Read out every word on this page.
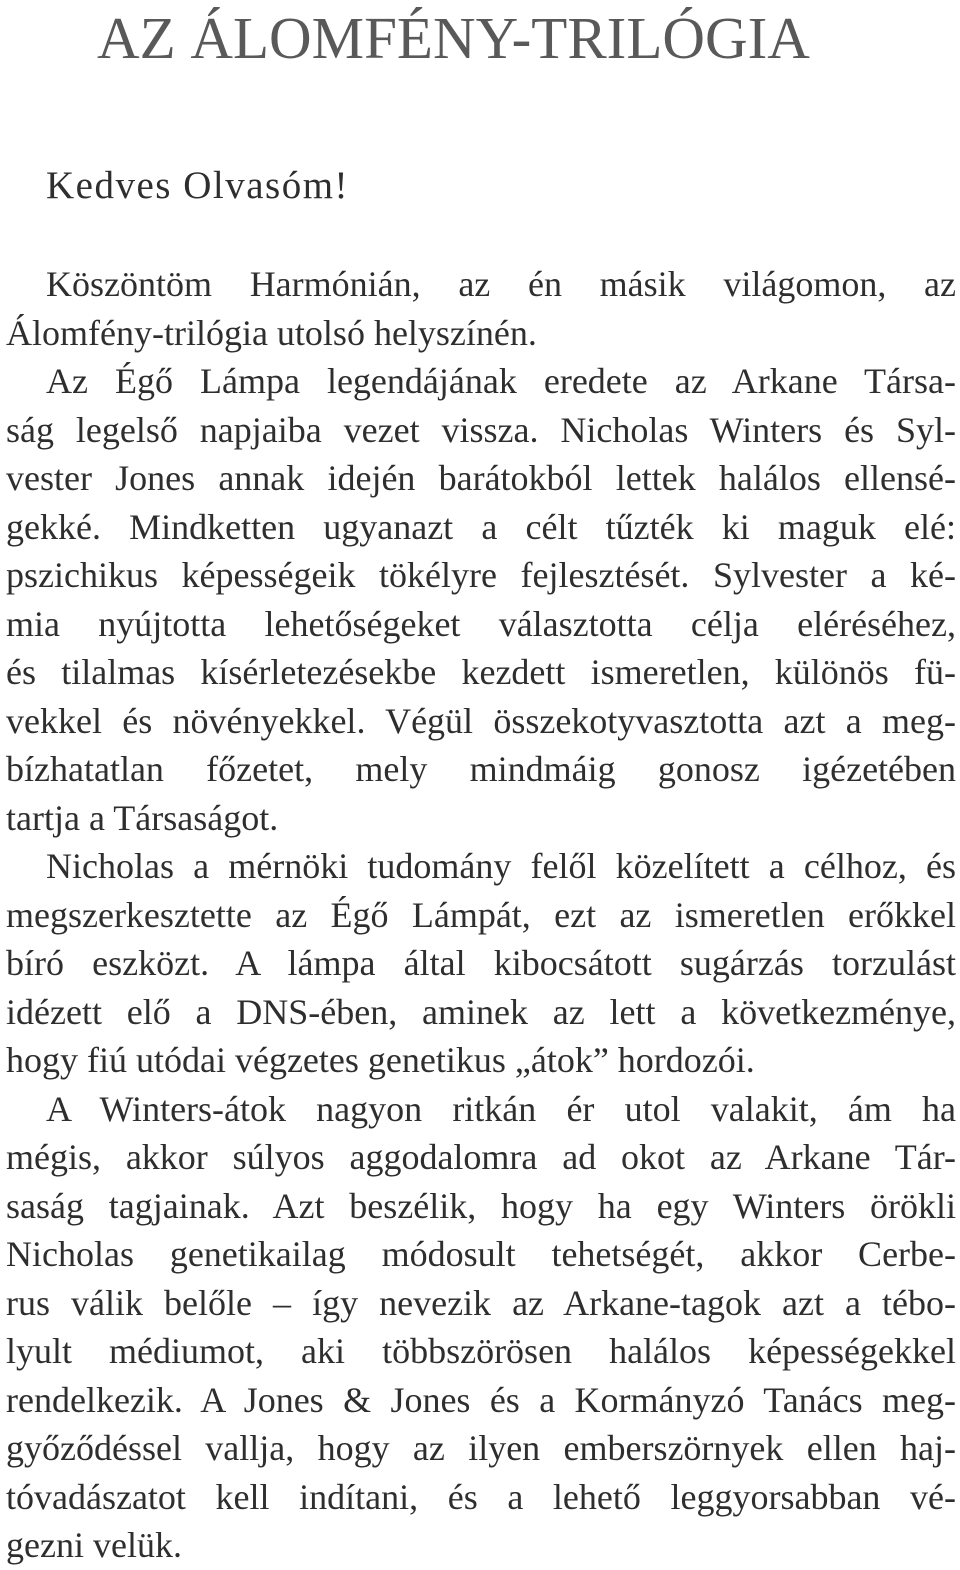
AZ ÁLOMFÉNY-TRILÓGIA

Kedves Olvasóm!

Köszöntöm Harmónián, az én másik világomon, az
Álomfény-trilógia utolsó helyszínén.
Az Égő Lámpa legendájának eredete az Arkane Társa-
ság legelső napjaiba vezet vissza. Nicholas Winters és Syl-
vester Jones annak idején barátokból lettek halálos ellensé-
gekké. Mindketten ugyanazt a célt tűzték ki maguk elé:
pszichikus képességeik tökélyre fejlesztését. Sylvester a ké-
mia nyújtotta lehetőségeket választotta célja eléréséhez,
és tilalmas kísérletezésekbe kezdett ismeretlen, különös fü-
vekkel és növényekkel. Végül összekotyvasztotta azt a meg-
bízhatatlan főzetet, mely mindmáig gonosz igézetében
tartja a Társaságot.
Nicholas a mérnöki tudomány felől közelített a célhoz, és
megszerkesztette az Égő Lámpát, ezt az ismeretlen erőkkel
bíró eszközt. A lámpa által kibocsátott sugárzás torzulást
idézett elő a DNS-ében, aminek az lett a következménye,
hogy fiú utódai végzetes genetikus „átok” hordozói.
A Winters-átok nagyon ritkán ér utol valakit, ám ha
mégis, akkor súlyos aggodalomra ad okot az Arkane Tár-
saság tagjainak. Azt beszélik, hogy ha egy Winters örökli
Nicholas genetikailag módosult tehetségét, akkor Cerbe-
rus válik belőle – így nevezik az Arkane-tagok azt a tébo-
lyult médiumot, aki többszörösen halálos képességekkel
rendelkezik. A Jones & Jones és a Kormányzó Tanács meg-
győződéssel vallja, hogy az ilyen emberszörnyek ellen haj-
tóvadászatot kell indítani, és a lehető leggyorsabban vé-
gezni velük.
